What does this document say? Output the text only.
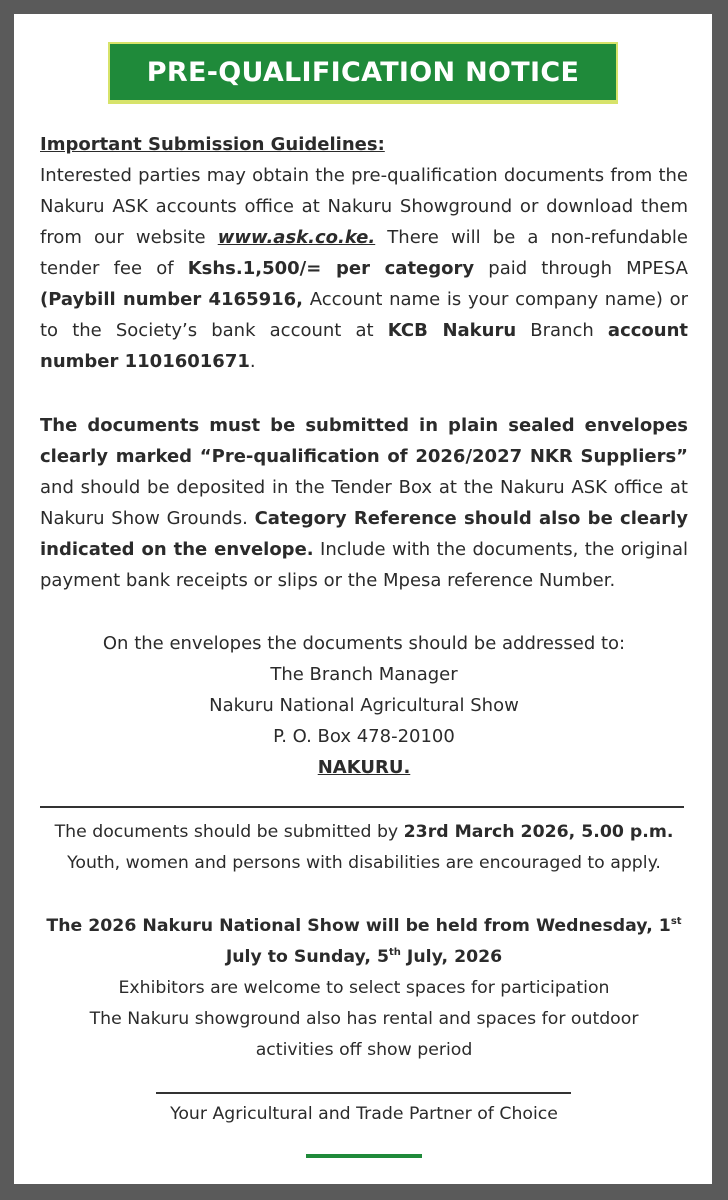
PRE-QUALIFICATION NOTICE
Important Submission Guidelines:
Interested parties may obtain the pre-qualification documents from the Nakuru ASK accounts office at Nakuru Showground or download them from our website www.ask.co.ke. There will be a non-refundable tender fee of Kshs.1,500/= per category paid through MPESA (Paybill number 4165916, Account name is your company name) or to the Society’s bank account at KCB Nakuru Branch account number 1101601671.
The documents must be submitted in plain sealed envelopes clearly marked “Pre-qualification of 2026/2027 NKR Suppliers” and should be deposited in the Tender Box at the Nakuru ASK office at Nakuru Show Grounds. Category Reference should also be clearly indicated on the envelope. Include with the documents, the original payment bank receipts or slips or the Mpesa reference Number.
On the envelopes the documents should be addressed to:
The Branch Manager
Nakuru National Agricultural Show
P. O. Box 478-20100
NAKURU.
The documents should be submitted by 23rd March 2026, 5.00 p.m.
Youth, women and persons with disabilities are encouraged to apply.
The 2026 Nakuru National Show will be held from Wednesday, 1st
July to Sunday, 5th July, 2026
Exhibitors are welcome to select spaces for participation
The Nakuru showground also has rental and spaces for outdoor
activities off show period
Your Agricultural and Trade Partner of Choice
